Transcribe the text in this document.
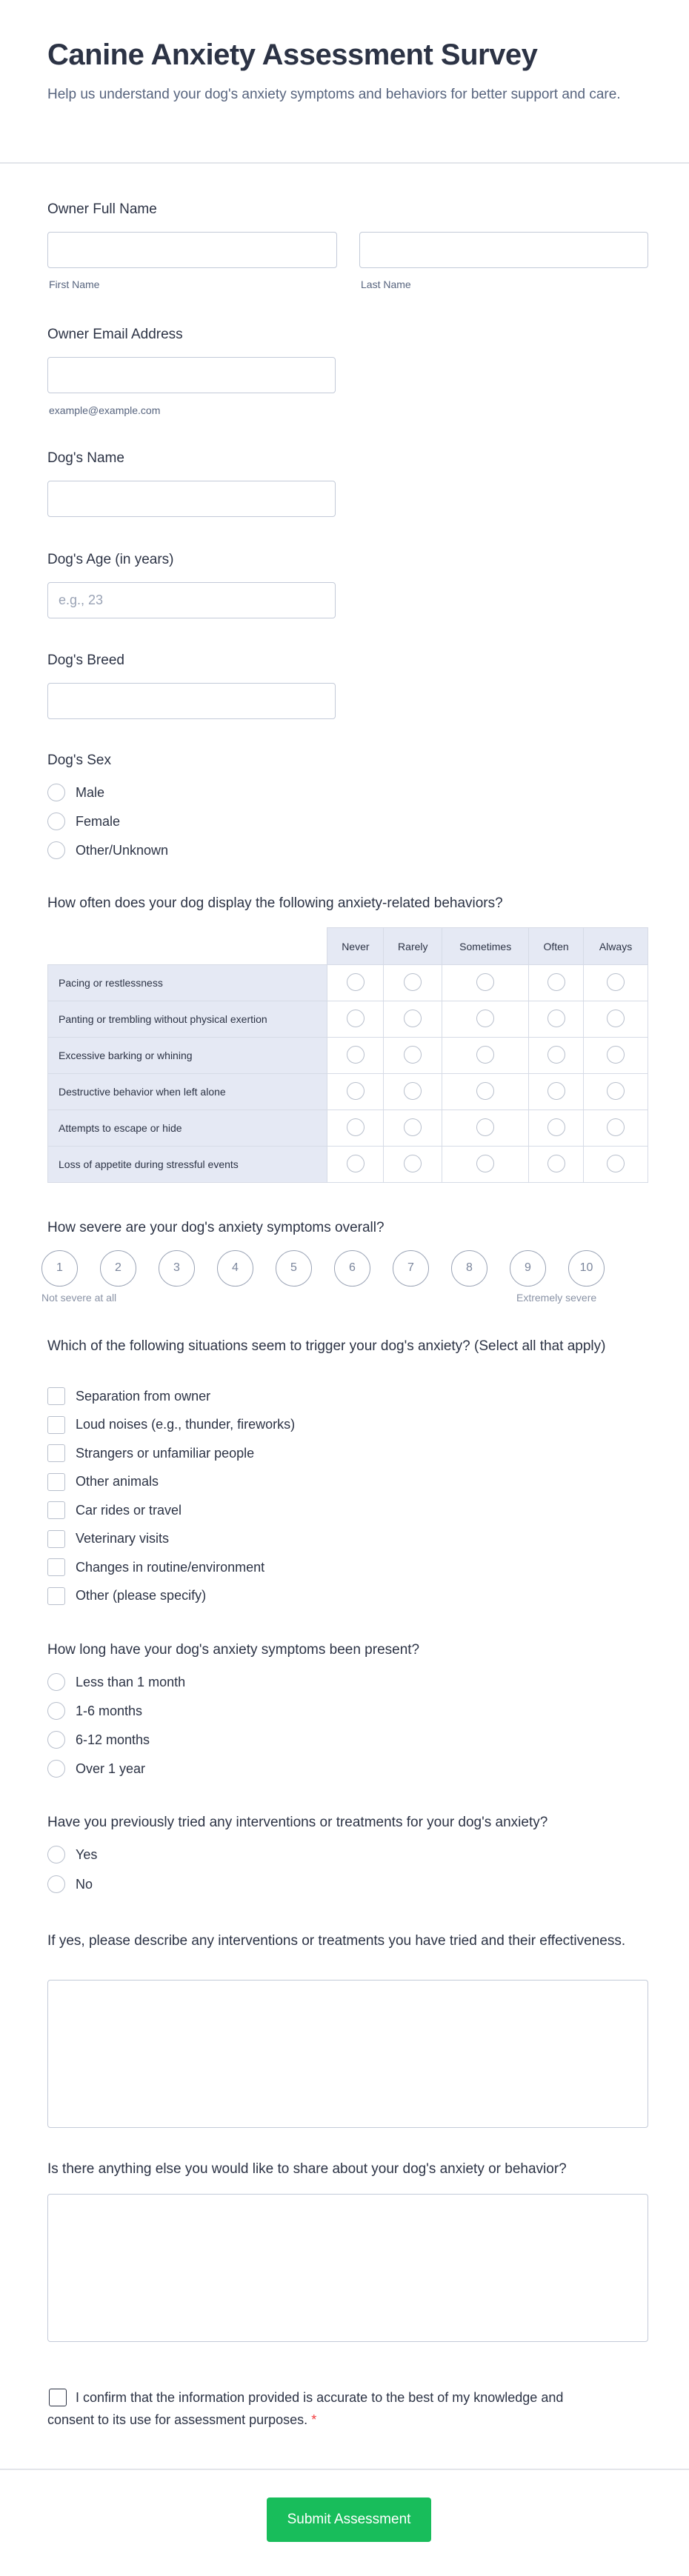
Canine Anxiety Assessment Survey
Help us understand your dog's anxiety symptoms and behaviors for better support and care.
Owner Full Name
First Name	Last Name
Owner Email Address
example@example.com
Dog's Name
Dog's Age (in years)
e.g., 23
Dog's Breed
Dog's Sex
Male
Female
Other/Unknown
How often does your dog display the following anxiety-related behaviors?
	Never	Rarely	Sometimes	Often	Always
Pacing or restlessness					
Panting or trembling without physical exertion					
Excessive barking or whining					
Destructive behavior when left alone					
Attempts to escape or hide					
Loss of appetite during stressful events					
How severe are your dog's anxiety symptoms overall?
1	2	3	4	5	6	7	8	9	10
Not severe at all	Extremely severe
Which of the following situations seem to trigger your dog's anxiety? (Select all that apply)
Separation from owner
Loud noises (e.g., thunder, fireworks)
Strangers or unfamiliar people
Other animals
Car rides or travel
Veterinary visits
Changes in routine/environment
Other (please specify)
How long have your dog's anxiety symptoms been present?
Less than 1 month
1-6 months
6-12 months
Over 1 year
Have you previously tried any interventions or treatments for your dog's anxiety?
Yes
No
If yes, please describe any interventions or treatments you have tried and their effectiveness.
Is there anything else you would like to share about your dog's anxiety or behavior?
I confirm that the information provided is accurate to the best of my knowledge and consent to its use for assessment purposes. *
Submit Assessment
